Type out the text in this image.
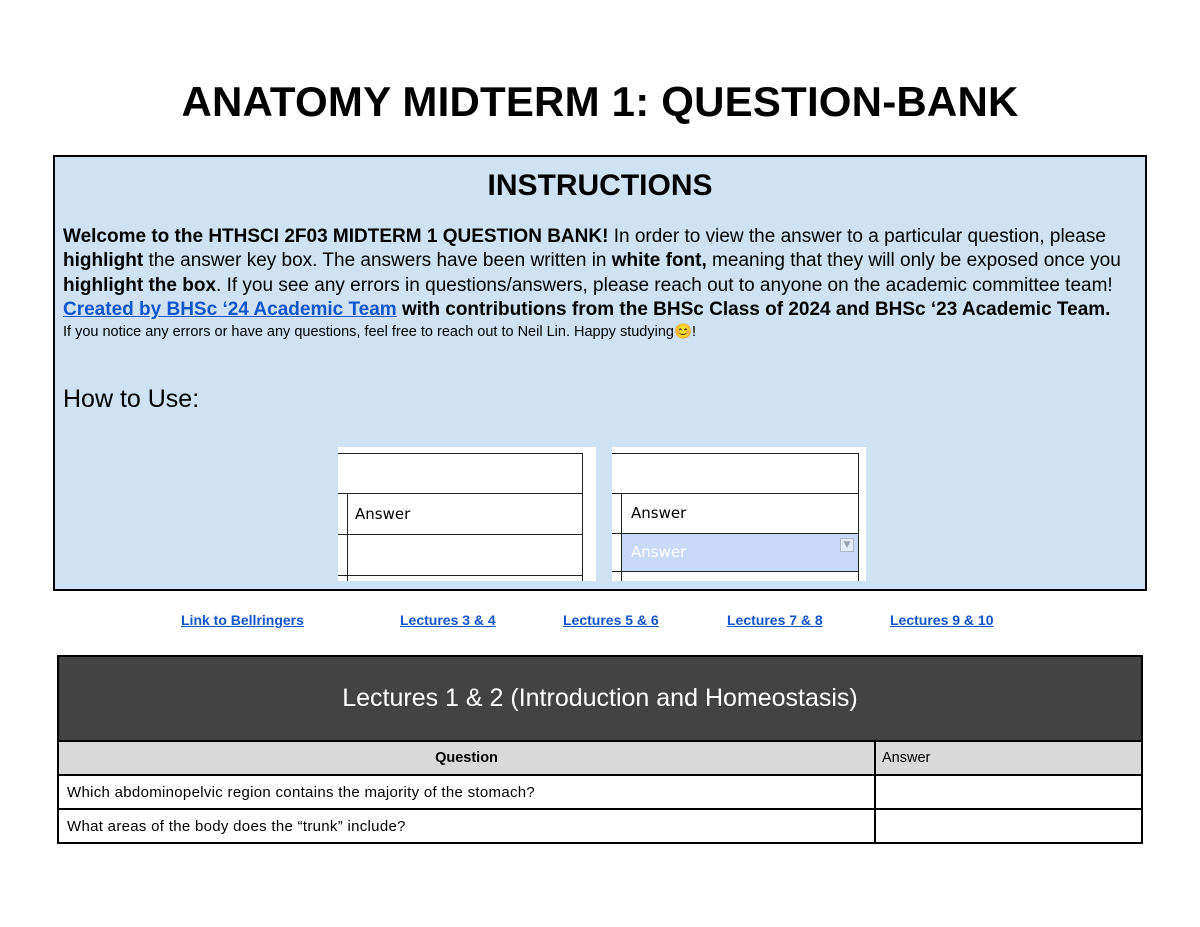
ANATOMY MIDTERM 1: QUESTION-BANK
INSTRUCTIONS
Welcome to the HTHSCI 2F03 MIDTERM 1 QUESTION BANK! In order to view the answer to a particular question, please highlight the answer key box. The answers have been written in white font, meaning that they will only be exposed once you highlight the box. If you see any errors in questions/answers, please reach out to anyone on the academic committee team! Created by BHSc ‘24 Academic Team with contributions from the BHSc Class of 2024 and BHSc ‘23 Academic Team.
If you notice any errors or have any questions, feel free to reach out to Neil Lin. Happy studying😊!
How to Use:
Answer	Answer
Answer	▼
Link to Bellringers	Lectures 3 & 4	Lectures 5 & 6	Lectures 7 & 8	Lectures 9 & 10
Lectures 1 & 2 (Introduction and Homeostasis)	
Question	Answer
Which abdominopelvic region contains the majority of the stomach?	
What areas of the body does the “trunk” include?	
